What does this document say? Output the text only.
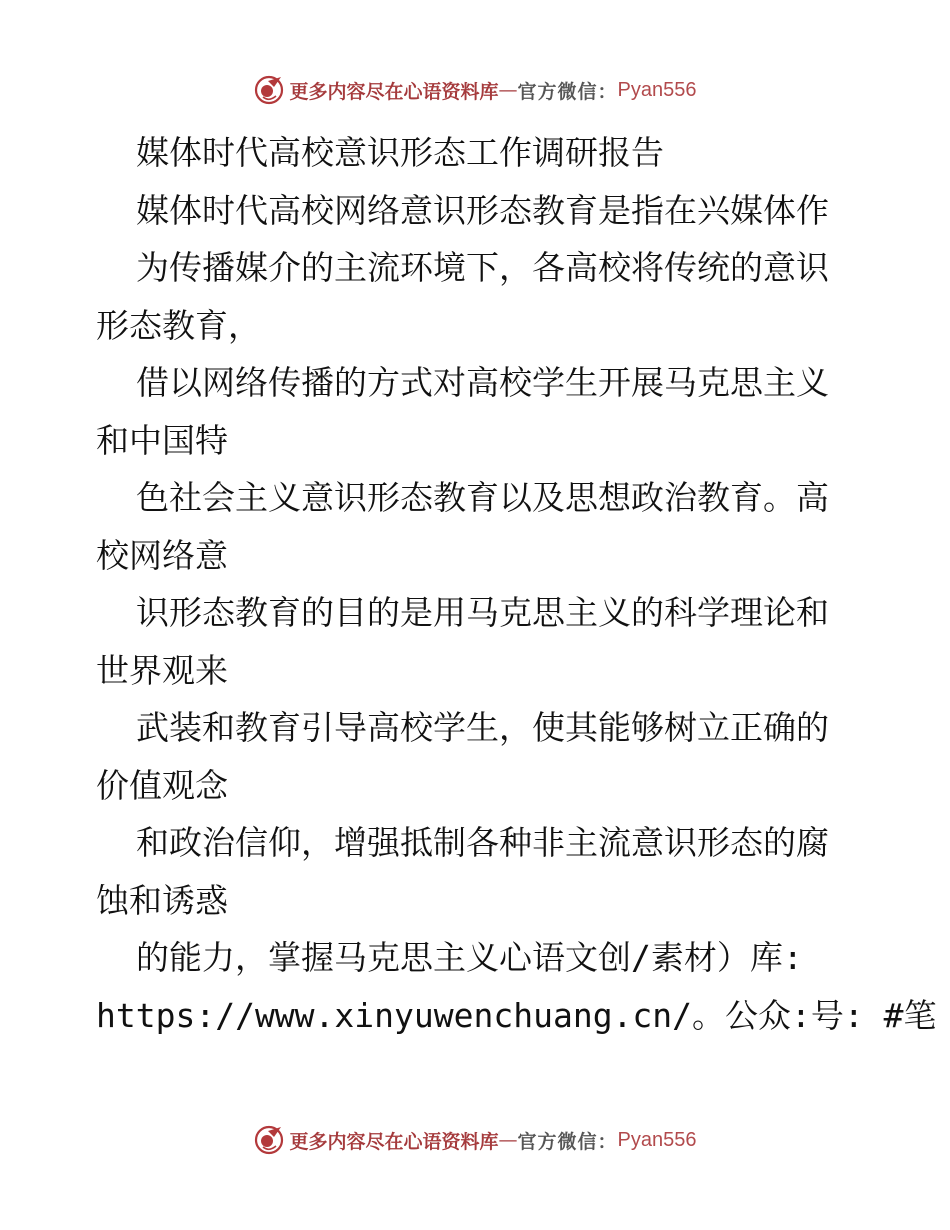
更多内容尽在心语资料库 — 官方微信： Pyan556
媒体时代高校意识形态工作调研报告
媒体时代高校网络意识形态教育是指在兴媒体作
为传播媒介的主流环境下，各高校将传统的意识
形态教育，
借以网络传播的方式对高校学生开展马克思主义
和中国特
色社会主义意识形态教育以及思想政治教育。高
校网络意
识形态教育的目的是用马克思主义的科学理论和
世界观来
武装和教育引导高校学生，使其能够树立正确的
价值观念
和政治信仰，增强抵制各种非主流意识形态的腐
蚀和诱惑
的能力，掌握马克思主义心语文创/素材）库:
https://www.xinyuwenchuang.cn/。公众:号: #笔
更多内容尽在心语资料库 — 官方微信： Pyan556
